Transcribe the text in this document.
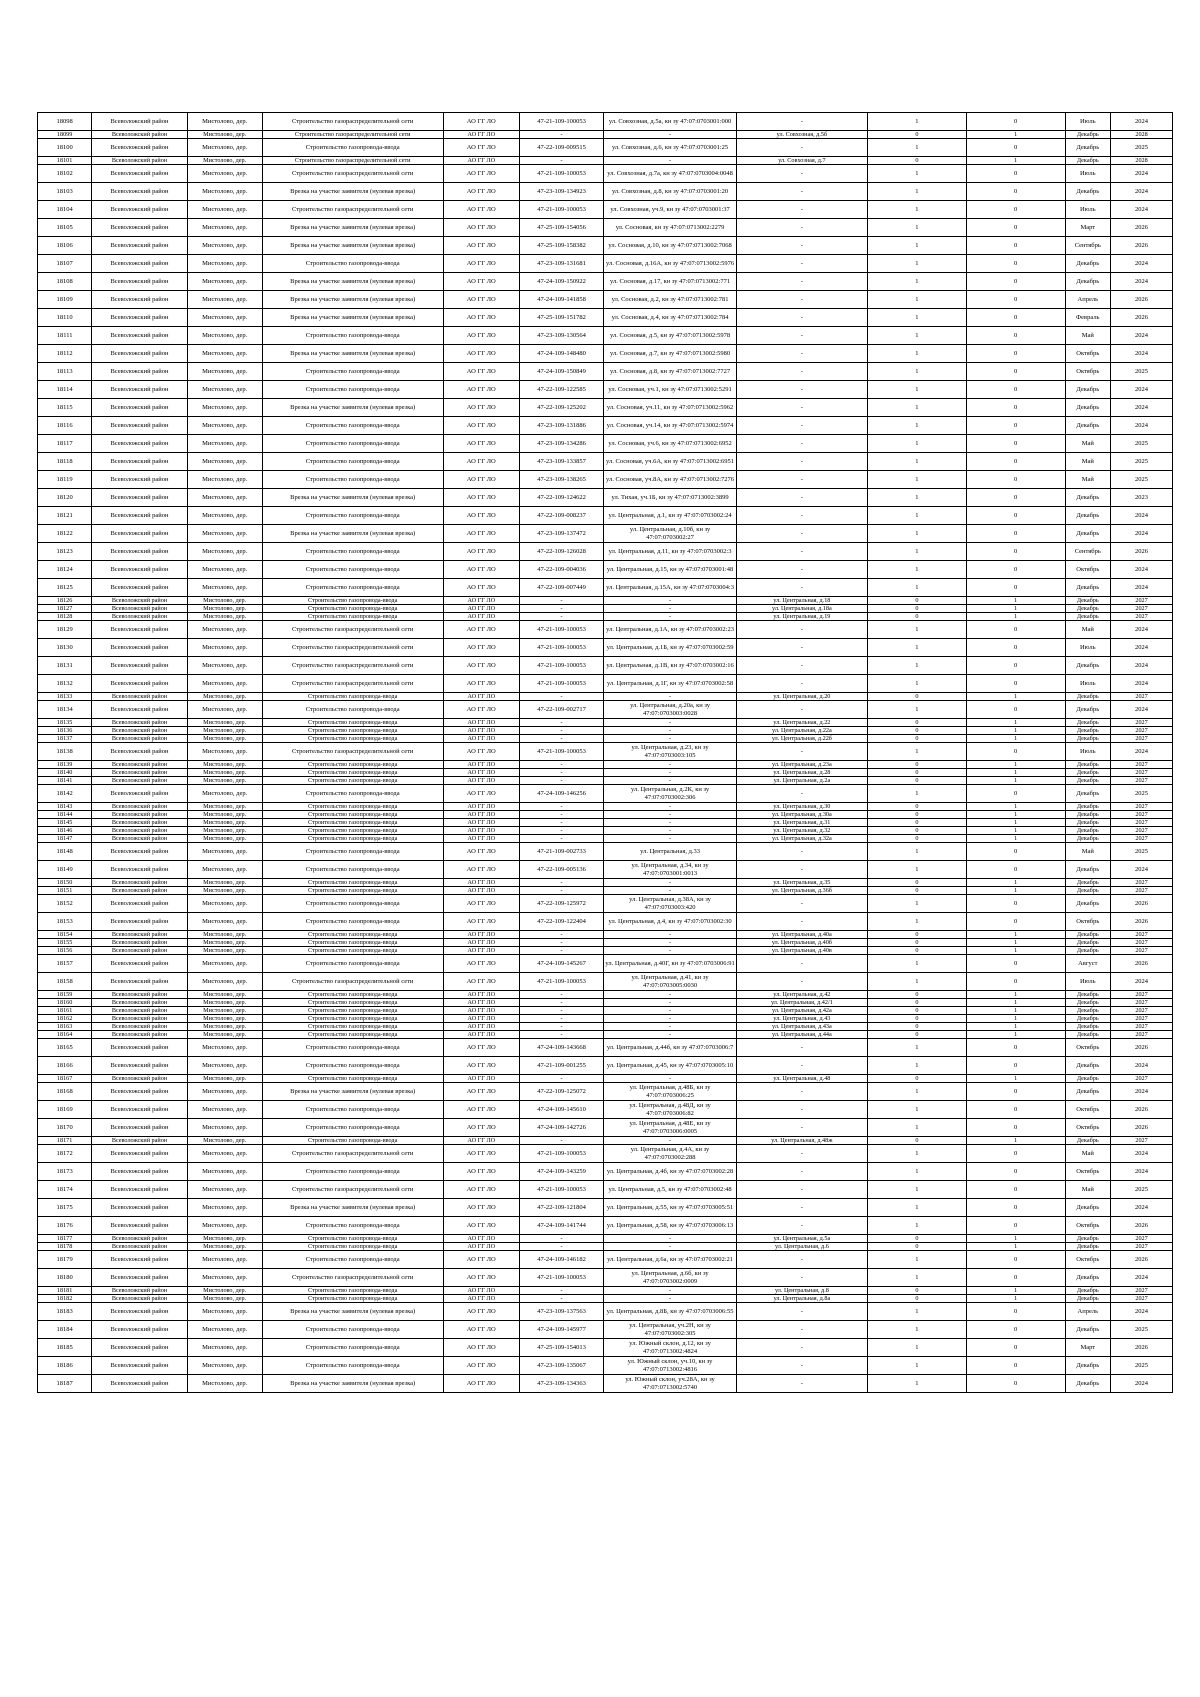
18098	Всеволожский район	Мистолово, дер.	Строительство газораспределительной сети	АО ГГ ЛО	47-21-109-100053	ул. Совхозная, д.5а, кн зу 47:07:0703001:000	-	1	0	Июль	2024
18099	Всеволожский район	Мистолово, дер.	Строительство газораспределительной сети	АО ГГ ЛО	-	-	ул. Совхозная, д.5б	0	1	Декабрь	2028
18100	Всеволожский район	Мистолово, дер.	Строительство газопровода-ввода	АО ГГ ЛО	47-22-109-009515	ул. Совхозная, д.6, кн зу 47:07:0703001:25	-	1	0	Декабрь	2025
18101	Всеволожский район	Мистолово, дер.	Строительство газораспределительной сети	АО ГГ ЛО	-	-	ул. Совхозная, д.7	0	1	Декабрь	2028
18102	Всеволожский район	Мистолово, дер.	Строительство газораспределительной сети	АО ГГ ЛО	47-21-109-100053	ул. Совхозная, д.7а, кн зу 47:07:0703004:0048	-	1	0	Июль	2024
18103	Всеволожский район	Мистолово, дер.	Врезка на участке заявителя (нулевая врезка)	АО ГГ ЛО	47-23-109-134923	ул. Совхозная, д.8, кн зу 47:07:0703001:20	-	1	0	Декабрь	2024
18104	Всеволожский район	Мистолово, дер.	Строительство газораспределительной сети	АО ГГ ЛО	47-21-109-100053	ул. Совхозная, уч.9, кн зу 47:07:0703001:37	-	1	0	Июль	2024
18105	Всеволожский район	Мистолово, дер.	Врезка на участке заявителя (нулевая врезка)	АО ГГ ЛО	47-25-109-154056	ул. Сосновая, кн зу 47:07:0713002:2279	-	1	0	Март	2026
18106	Всеволожский район	Мистолово, дер.	Врезка на участке заявителя (нулевая врезка)	АО ГГ ЛО	47-25-109-158382	ул. Сосновая, д.10, кн зу 47:07:0713002:7068	-	1	0	Сентябрь	2026
18107	Всеволожский район	Мистолово, дер.	Строительство газопровода-ввода	АО ГГ ЛО	47-23-109-131681	ул. Сосновая, д.16А, кн зу 47:07:0713002:5976	-	1	0	Декабрь	2024
18108	Всеволожский район	Мистолово, дер.	Врезка на участке заявителя (нулевая врезка)	АО ГГ ЛО	47-24-109-150922	ул. Сосновая, д.17, кн зу 47:07:0713002:771	-	1	0	Декабрь	2024
18109	Всеволожский район	Мистолово, дер.	Врезка на участке заявителя (нулевая врезка)	АО ГГ ЛО	47-24-109-141858	ул. Сосновая, д.2, кн зу 47:07:0713002:781	-	1	0	Апрель	2026
18110	Всеволожский район	Мистолово, дер.	Врезка на участке заявителя (нулевая врезка)	АО ГГ ЛО	47-25-109-151782	ул. Сосновая, д.4, кн зу 47:07:0713002:784	-	1	0	Февраль	2026
18111	Всеволожский район	Мистолово, дер.	Строительство газопровода-ввода	АО ГГ ЛО	47-23-109-130564	ул. Сосновая, д.5, кн зу 47:07:0713002:5978	-	1	0	Май	2024
18112	Всеволожский район	Мистолово, дер.	Врезка на участке заявителя (нулевая врезка)	АО ГГ ЛО	47-24-109-148480	ул. Сосновая, д.7, кн зу 47:07:0713002:5980	-	1	0	Октябрь	2024
18113	Всеволожский район	Мистолово, дер.	Строительство газопровода-ввода	АО ГГ ЛО	47-24-109-150849	ул. Сосновая, д.8, кн зу 47:07:0713002:7727	-	1	0	Октябрь	2025
18114	Всеволожский район	Мистолово, дер.	Строительство газопровода-ввода	АО ГГ ЛО	47-22-109-122585	ул. Сосновая, уч.1, кн зу 47:07:0713002:5291	-	1	0	Декабрь	2024
18115	Всеволожский район	Мистолово, дер.	Врезка на участке заявителя (нулевая врезка)	АО ГГ ЛО	47-22-109-125202	ул. Сосновая, уч.11, кн зу 47:07:0713002:5962	-	1	0	Декабрь	2024
18116	Всеволожский район	Мистолово, дер.	Строительство газопровода-ввода	АО ГГ ЛО	47-23-109-131886	ул. Сосновая, уч.14, кн зу 47:07:0713002:5974	-	1	0	Декабрь	2024
18117	Всеволожский район	Мистолово, дер.	Строительство газопровода-ввода	АО ГГ ЛО	47-23-109-134286	ул. Сосновая, уч.6, кн зу 47:07:0713002:6952	-	1	0	Май	2025
18118	Всеволожский район	Мистолово, дер.	Строительство газопровода-ввода	АО ГГ ЛО	47-23-109-133857	ул. Сосновая, уч.6А, кн зу 47:07:0713002:6951	-	1	0	Май	2025
18119	Всеволожский район	Мистолово, дер.	Строительство газопровода-ввода	АО ГГ ЛО	47-23-109-138265	ул. Сосновая, уч.8А, кн зу 47:07:0713002:7276	-	1	0	Май	2025
18120	Всеволожский район	Мистолово, дер.	Врезка на участке заявителя (нулевая врезка)	АО ГГ ЛО	47-22-109-124622	ул. Тихая, уч.1Б, кн зу 47:07:0713002:3899	-	1	0	Декабрь	2023
18121	Всеволожский район	Мистолово, дер.	Строительство газопровода-ввода	АО ГГ ЛО	47-22-109-008237	ул. Центральная, д.1, кн зу 47:07:0703002:24	-	1	0	Декабрь	2024
18122	Всеволожский район	Мистолово, дер.	Врезка на участке заявителя (нулевая врезка)	АО ГГ ЛО	47-23-109-137472	ул. Центральная, д.10б, кн зу 47:07:0703002:27	-	1	0	Декабрь	2024
18123	Всеволожский район	Мистолово, дер.	Строительство газопровода-ввода	АО ГГ ЛО	47-22-109-126028	ул. Центральная, д.11, кн зу 47:07:0703002:3	-	1	0	Сентябрь	2026
18124	Всеволожский район	Мистолово, дер.	Строительство газопровода-ввода	АО ГГ ЛО	47-22-109-004036	ул. Центральная, д.15, кн зу 47:07:0703001:48	-	1	0	Октябрь	2024
18125	Всеволожский район	Мистолово, дер.	Строительство газопровода-ввода	АО ГГ ЛО	47-22-109-007449	ул. Центральная, д.15А, кн зу 47:07:0703004:3	-	1	0	Декабрь	2024
18126	Всеволожский район	Мистолово, дер.	Строительство газопровода-ввода	АО ГГ ЛО	-	-	ул. Центральная, д.18	0	1	Декабрь	2027
18127	Всеволожский район	Мистолово, дер.	Строительство газопровода-ввода	АО ГГ ЛО	-	-	ул. Центральная, д.18а	0	1	Декабрь	2027
18128	Всеволожский район	Мистолово, дер.	Строительство газопровода-ввода	АО ГГ ЛО	-	-	ул. Центральная, д.19	0	1	Декабрь	2027
18129	Всеволожский район	Мистолово, дер.	Строительство газораспределительной сети	АО ГГ ЛО	47-21-109-100053	ул. Центральная, д.1А, кн зу 47:07:0703002:23	-	1	0	Май	2024
18130	Всеволожский район	Мистолово, дер.	Строительство газораспределительной сети	АО ГГ ЛО	47-21-109-100053	ул. Центральная, д.1Б, кн зу 47:07:0703002:59	-	1	0	Июль	2024
18131	Всеволожский район	Мистолово, дер.	Строительство газораспределительной сети	АО ГГ ЛО	47-21-109-100053	ул. Центральная, д.1В, кн зу 47:07:0703002:16	-	1	0	Декабрь	2024
18132	Всеволожский район	Мистолово, дер.	Строительство газораспределительной сети	АО ГГ ЛО	47-21-109-100053	ул. Центральная, д.1Г, кн зу 47:07:0703002:58	-	1	0	Июль	2024
18133	Всеволожский район	Мистолово, дер.	Строительство газопровода-ввода	АО ГГ ЛО	-	-	ул. Центральная, д.20	0	1	Декабрь	2027
18134	Всеволожский район	Мистолово, дер.	Строительство газопровода-ввода	АО ГГ ЛО	47-22-109-002717	ул. Центральная, д.20а, кн зу 47:07:0703003:0028	-	1	0	Декабрь	2024
18135	Всеволожский район	Мистолово, дер.	Строительство газопровода-ввода	АО ГГ ЛО	-	-	ул. Центральная, д.22	0	1	Декабрь	2027
18136	Всеволожский район	Мистолово, дер.	Строительство газопровода-ввода	АО ГГ ЛО	-	-	ул. Центральная, д.22а	0	1	Декабрь	2027
18137	Всеволожский район	Мистолово, дер.	Строительство газопровода-ввода	АО ГГ ЛО	-	-	ул. Центральная, д.22б	0	1	Декабрь	2027
18138	Всеволожский район	Мистолово, дер.	Строительство газораспределительной сети	АО ГГ ЛО	47-21-109-100053	ул. Центральная, д.23, кн зу 47:07:0703003:105	-	1	0	Июль	2024
18139	Всеволожский район	Мистолово, дер.	Строительство газопровода-ввода	АО ГГ ЛО	-	-	ул. Центральная, д.23а	0	1	Декабрь	2027
18140	Всеволожский район	Мистолово, дер.	Строительство газопровода-ввода	АО ГГ ЛО	-	-	ул. Центральная, д.28	0	1	Декабрь	2027
18141	Всеволожский район	Мистолово, дер.	Строительство газопровода-ввода	АО ГГ ЛО	-	-	ул. Центральная, д.2а	0	1	Декабрь	2027
18142	Всеволожский район	Мистолово, дер.	Строительство газопровода-ввода	АО ГГ ЛО	47-24-109-146256	ул. Центральная, д.2К, кн зу 47:07:0703002:306	-	1	0	Декабрь	2025
18143	Всеволожский район	Мистолово, дер.	Строительство газопровода-ввода	АО ГГ ЛО	-	-	ул. Центральная, д.30	0	1	Декабрь	2027
18144	Всеволожский район	Мистолово, дер.	Строительство газопровода-ввода	АО ГГ ЛО	-	-	ул. Центральная, д.30а	0	1	Декабрь	2027
18145	Всеволожский район	Мистолово, дер.	Строительство газопровода-ввода	АО ГГ ЛО	-	-	ул. Центральная, д.31	0	1	Декабрь	2027
18146	Всеволожский район	Мистолово, дер.	Строительство газопровода-ввода	АО ГГ ЛО	-	-	ул. Центральная, д.32	0	1	Декабрь	2027
18147	Всеволожский район	Мистолово, дер.	Строительство газопровода-ввода	АО ГГ ЛО	-	-	ул. Центральная, д.32а	0	1	Декабрь	2027
18148	Всеволожский район	Мистолово, дер.	Строительство газопровода-ввода	АО ГГ ЛО	47-21-109-002733	ул. Центральная, д.33	-	1	0	Май	2025
18149	Всеволожский район	Мистолово, дер.	Строительство газопровода-ввода	АО ГГ ЛО	47-22-109-005136	ул. Центральная, д.34, кн зу 47:07:0703001:0013	-	1	0	Декабрь	2024
18150	Всеволожский район	Мистолово, дер.	Строительство газопровода-ввода	АО ГГ ЛО	-	-	ул. Центральная, д.35	0	1	Декабрь	2027
18151	Всеволожский район	Мистолово, дер.	Строительство газопровода-ввода	АО ГГ ЛО	-	-	ул. Центральная, д.36б	0	1	Декабрь	2027
18152	Всеволожский район	Мистолово, дер.	Строительство газопровода-ввода	АО ГГ ЛО	47-22-109-125972	ул. Центральная, д.38А, кн зу 47:07:0703003:420	-	1	0	Декабрь	2026
18153	Всеволожский район	Мистолово, дер.	Строительство газопровода-ввода	АО ГГ ЛО	47-22-109-122404	ул. Центральная, д.4, кн зу 47:07:0703002:30	-	1	0	Октябрь	2026
18154	Всеволожский район	Мистолово, дер.	Строительство газопровода-ввода	АО ГГ ЛО	-	-	ул. Центральная, д.40а	0	1	Декабрь	2027
18155	Всеволожский район	Мистолово, дер.	Строительство газопровода-ввода	АО ГГ ЛО	-	-	ул. Центральная, д.40б	0	1	Декабрь	2027
18156	Всеволожский район	Мистолово, дер.	Строительство газопровода-ввода	АО ГГ ЛО	-	-	ул. Центральная, д.40в	0	1	Декабрь	2027
18157	Всеволожский район	Мистолово, дер.	Строительство газопровода-ввода	АО ГГ ЛО	47-24-109-145267	ул. Центральная, д.40Г, кн зу 47:07:0703006:91	-	1	0	Август	2026
18158	Всеволожский район	Мистолово, дер.	Строительство газораспределительной сети	АО ГГ ЛО	47-21-109-100053	ул. Центральная, д.41, кн зу 47:07:0703005:0030	-	1	0	Июль	2024
18159	Всеволожский район	Мистолово, дер.	Строительство газопровода-ввода	АО ГГ ЛО	-	-	ул. Центральная, д.42	0	1	Декабрь	2027
18160	Всеволожский район	Мистолово, дер.	Строительство газопровода-ввода	АО ГГ ЛО	-	-	ул. Центральная, д.42/1	0	1	Декабрь	2027
18161	Всеволожский район	Мистолово, дер.	Строительство газопровода-ввода	АО ГГ ЛО	-	-	ул. Центральная, д.42а	0	1	Декабрь	2027
18162	Всеволожский район	Мистолово, дер.	Строительство газопровода-ввода	АО ГГ ЛО	-	-	ул. Центральная, д.43	0	1	Декабрь	2027
18163	Всеволожский район	Мистолово, дер.	Строительство газопровода-ввода	АО ГГ ЛО	-	-	ул. Центральная, д.43а	0	1	Декабрь	2027
18164	Всеволожский район	Мистолово, дер.	Строительство газопровода-ввода	АО ГГ ЛО	-	-	ул. Центральная, д.44а	0	1	Декабрь	2027
18165	Всеволожский район	Мистолово, дер.	Строительство газопровода-ввода	АО ГГ ЛО	47-24-109-143668	ул. Центральная, д.44б, кн зу 47:07:0703006:7	-	1	0	Октябрь	2026
18166	Всеволожский район	Мистолово, дер.	Строительство газопровода-ввода	АО ГГ ЛО	47-21-109-001255	ул. Центральная, д.45, кн зу 47:07:0703005:10	-	1	0	Декабрь	2024
18167	Всеволожский район	Мистолово, дер.	Строительство газопровода-ввода	АО ГГ ЛО	-	-	ул. Центральная, д.48	0	1	Декабрь	2027
18168	Всеволожский район	Мистолово, дер.	Врезка на участке заявителя (нулевая врезка)	АО ГГ ЛО	47-22-109-125072	ул. Центральная, д.48Б, кн зу 47:07:0703006:25	-	1	0	Декабрь	2024
18169	Всеволожский район	Мистолово, дер.	Строительство газопровода-ввода	АО ГГ ЛО	47-24-109-145610	ул. Центральная, д.48Д, кн зу 47:07:0703006:82	-	1	0	Октябрь	2026
18170	Всеволожский район	Мистолово, дер.	Строительство газопровода-ввода	АО ГГ ЛО	47-24-109-142726	ул. Центральная, д.48Е, кн зу 47:07:0703006:0005	-	1	0	Октябрь	2026
18171	Всеволожский район	Мистолово, дер.	Строительство газопровода-ввода	АО ГГ ЛО	-	-	ул. Центральная, д.48ж	0	1	Декабрь	2027
18172	Всеволожский район	Мистолово, дер.	Строительство газораспределительной сети	АО ГГ ЛО	47-21-109-100053	ул. Центральная, д.4А, кн зу 47:07:0703002:288	-	1	0	Май	2024
18173	Всеволожский район	Мистолово, дер.	Строительство газопровода-ввода	АО ГГ ЛО	47-24-109-143259	ул. Центральная, д.4б, кн зу 47:07:0703002:28	-	1	0	Октябрь	2024
18174	Всеволожский район	Мистолово, дер.	Строительство газораспределительной сети	АО ГГ ЛО	47-21-109-100053	ул. Центральная, д.5, кн зу 47:07:0703002:48	-	1	0	Май	2025
18175	Всеволожский район	Мистолово, дер.	Врезка на участке заявителя (нулевая врезка)	АО ГГ ЛО	47-22-109-121804	ул. Центральная, д.55, кн зу 47:07:0703005:51	-	1	0	Декабрь	2024
18176	Всеволожский район	Мистолово, дер.	Строительство газопровода-ввода	АО ГГ ЛО	47-24-109-141744	ул. Центральная, д.58, кн зу 47:07:0703006:13	-	1	0	Октябрь	2026
18177	Всеволожский район	Мистолово, дер.	Строительство газопровода-ввода	АО ГГ ЛО	-	-	ул. Центральная, д.5а	0	1	Декабрь	2027
18178	Всеволожский район	Мистолово, дер.	Строительство газопровода-ввода	АО ГГ ЛО	-	-	ул. Центральная, д.6	0	1	Декабрь	2027
18179	Всеволожский район	Мистолово, дер.	Строительство газопровода-ввода	АО ГГ ЛО	47-24-109-146182	ул. Центральная, д.6а, кн зу 47:07:0703002:21	-	1	0	Октябрь	2026
18180	Всеволожский район	Мистолово, дер.	Строительство газораспределительной сети	АО ГГ ЛО	47-21-109-100053	ул. Центральная, д.6б, кн зу 47:07:0703002:0009	-	1	0	Декабрь	2024
18181	Всеволожский район	Мистолово, дер.	Строительство газопровода-ввода	АО ГГ ЛО	-	-	ул. Центральная, д.8	0	1	Декабрь	2027
18182	Всеволожский район	Мистолово, дер.	Строительство газопровода-ввода	АО ГГ ЛО	-	-	ул. Центральная, д.8а	0	1	Декабрь	2027
18183	Всеволожский район	Мистолово, дер.	Врезка на участке заявителя (нулевая врезка)	АО ГГ ЛО	47-23-109-137563	ул. Центральная, д.8Б, кн зу 47:07:0703006:55	-	1	0	Апрель	2024
18184	Всеволожский район	Мистолово, дер.	Строительство газопровода-ввода	АО ГГ ЛО	47-24-109-145977	ул. Центральная, уч.2Н, кн зу 47:07:0703002:305	-	1	0	Декабрь	2025
18185	Всеволожский район	Мистолово, дер.	Строительство газопровода-ввода	АО ГГ ЛО	47-25-109-154013	ул. Южный склон, д.12, кн зу 47:07:0713002:4824	-	1	0	Март	2026
18186	Всеволожский район	Мистолово, дер.	Строительство газопровода-ввода	АО ГГ ЛО	47-23-109-135067	ул. Южный склон, уч.10, кн зу 47:07:0713002:4816	-	1	0	Декабрь	2025
18187	Всеволожский район	Мистолово, дер.	Врезка на участке заявителя (нулевая врезка)	АО ГГ ЛО	47-23-109-134363	ул. Южный склон, уч.28А, кн зу 47:07:0713002:5740	-	1	0	Декабрь	2024
